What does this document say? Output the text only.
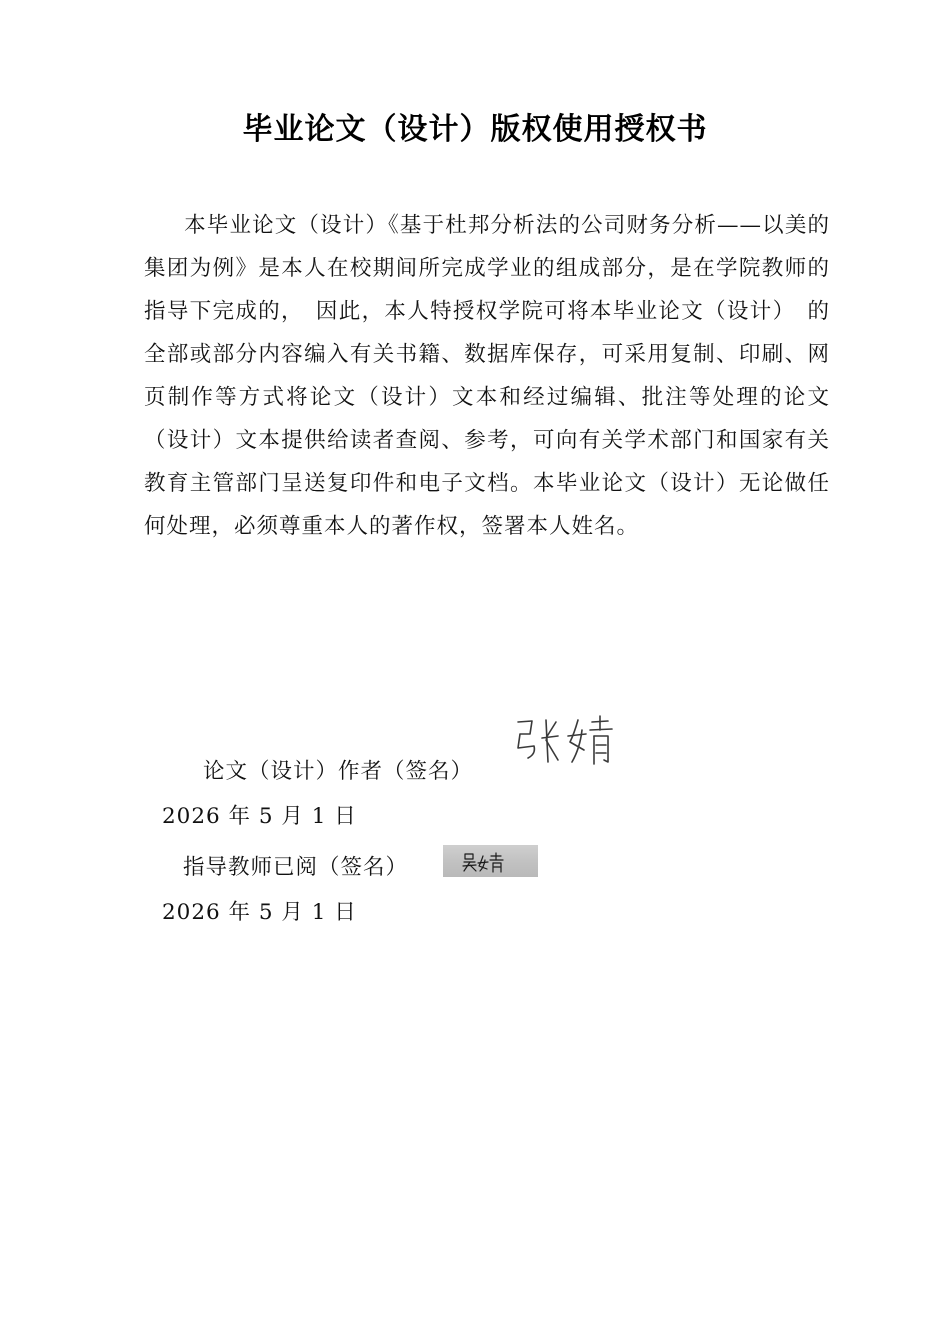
毕业论文（设计）版权使用授权书

本毕业论文（设计）《基于杜邦分析法的公司财务分析——以美的集团为例》是本人在校期间所完成学业的组成部分，是在学院教师的指导下完成的，　因此，本人特授权学院可将本毕业论文（设计）　的全部或部分内容编入有关书籍、数据库保存，可采用复制、印刷、网页制作等方式将论文（设计）文本和经过编辑、批注等处理的论文（设计）文本提供给读者查阅、参考，可向有关学术部门和国家有关教育主管部门呈送复印件和电子文档。本毕业论文（设计）无论做任何处理，必须尊重本人的著作权，签署本人姓名。

论文（设计）作者（签名）
2026 年 5 月 1 日
指导教师已阅（签名）
2026 年 5 月 1 日
